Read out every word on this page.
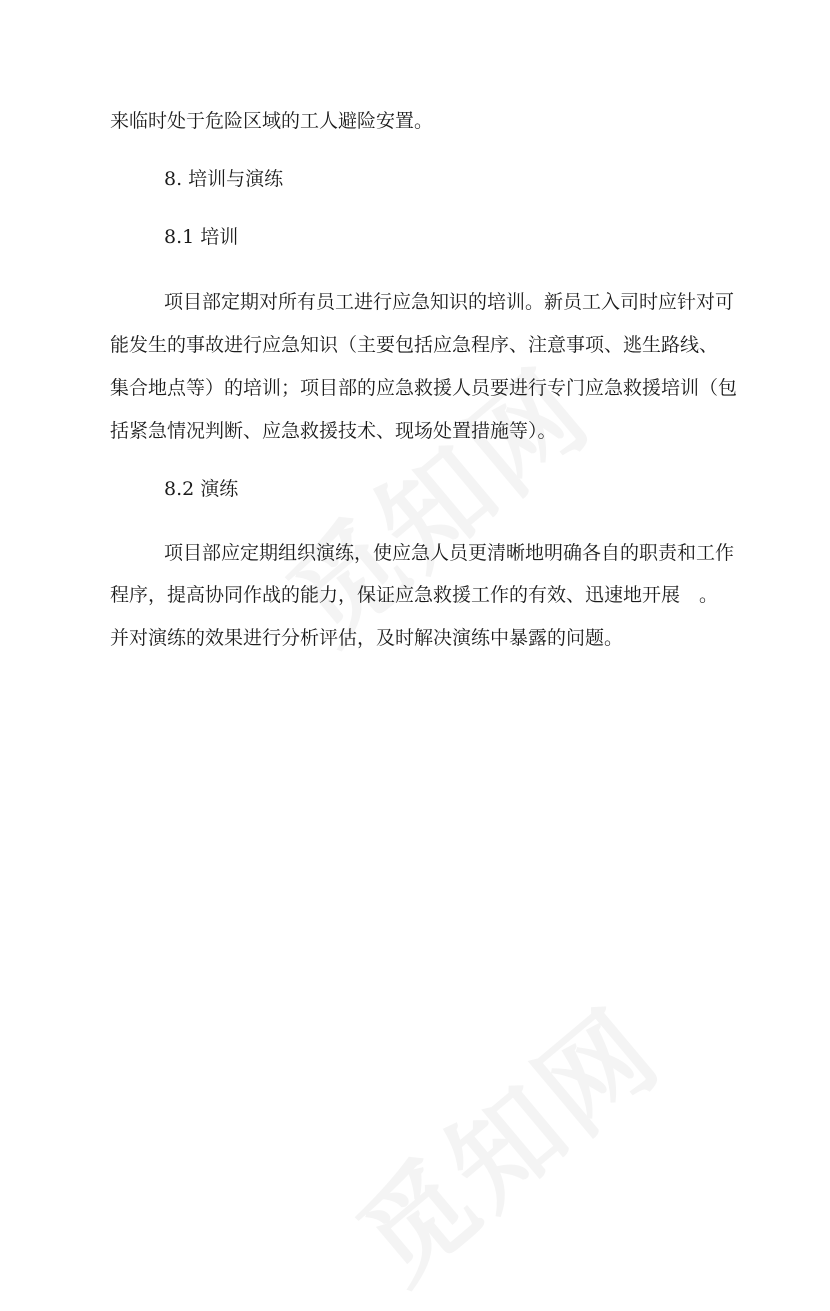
来临时处于危险区域的工人避险安置。

8. 培训与演练

8.1 培训

项目部定期对所有员工进行应急知识的培训。新员工入司时应针对可

能发生的事故进行应急知识（主要包括应急程序、注意事项、逃生路线、

集合地点等）的培训；项目部的应急救援人员要进行专门应急救援培训（包

括紧急情况判断、应急救援技术、现场处置措施等）。

8.2 演练

项目部应定期组织演练，使应急人员更清晰地明确各自的职责和工作

程序，提高协同作战的能力，保证应急救援工作的有效、迅速地开展　。

并对演练的效果进行分析评估，及时解决演练中暴露的问题。
